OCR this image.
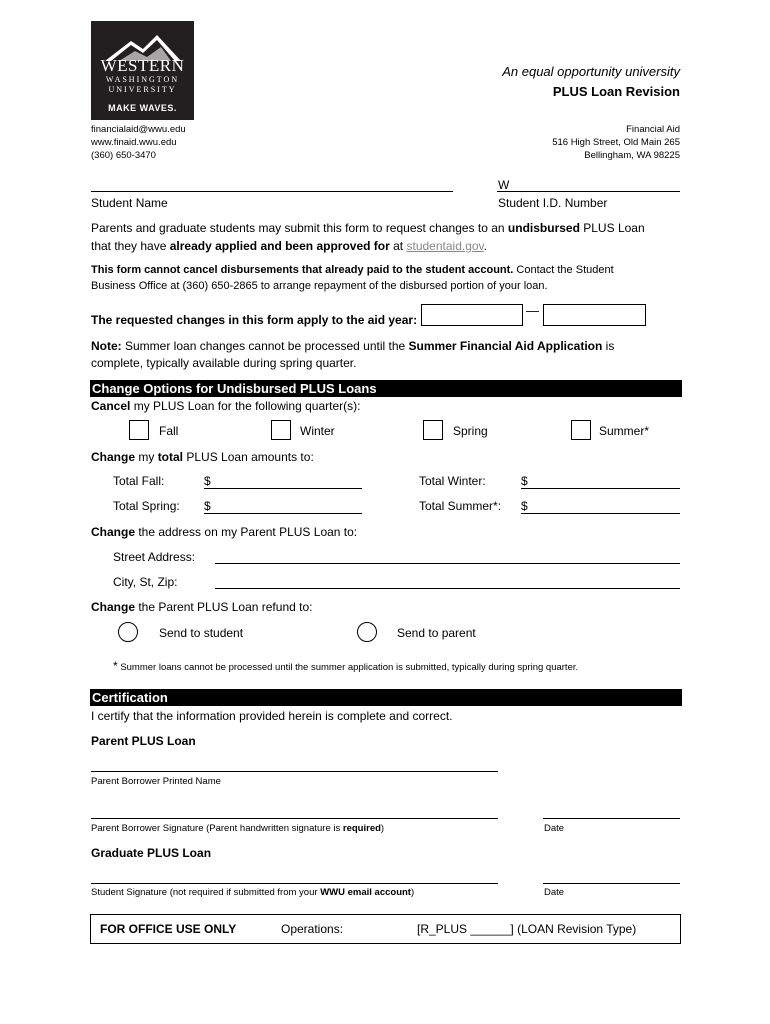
WESTERN
WASHINGTON
UNIVERSITY
MAKE WAVES.
An equal opportunity university
PLUS Loan Revision
financialaid@wwu.edu
www.finaid.wwu.edu
(360) 650-3470
Financial Aid
516 High Street, Old Main 265
Bellingham, WA 98225
Student Name
W
Student I.D. Number
Parents and graduate students may submit this form to request changes to an undisbursed PLUS Loan
that they have already applied and been approved for at studentaid.gov.
This form cannot cancel disbursements that already paid to the student account. Contact the Student
Business Office at (360) 650-2865 to arrange repayment of the disbursed portion of your loan.
The requested changes in this form apply to the aid year:
—
Note: Summer loan changes cannot be processed until the Summer Financial Aid Application is
complete, typically available during spring quarter.
Change Options for Undisbursed PLUS Loans
Cancel my PLUS Loan for the following quarter(s):
Fall	Winter	Spring	Summer*
Change my total PLUS Loan amounts to:
Total Fall:	$	Total Winter:	$
Total Spring: $	Total Summer*: $
Change the address on my Parent PLUS Loan to:
Street Address:
City, St, Zip:
Change the Parent PLUS Loan refund to:
Send to student	Send to parent
* Summer loans cannot be processed until the summer application is submitted, typically during spring quarter.
Certification
I certify that the information provided herein is complete and correct.
Parent PLUS Loan
Parent Borrower Printed Name
Parent Borrower Signature (Parent handwritten signature is required)	Date
Graduate PLUS Loan
Student Signature (not required if submitted from your WWU email account)	Date
FOR OFFICE USE ONLY	Operations:	[R_PLUS ______] (LOAN Revision Type)
